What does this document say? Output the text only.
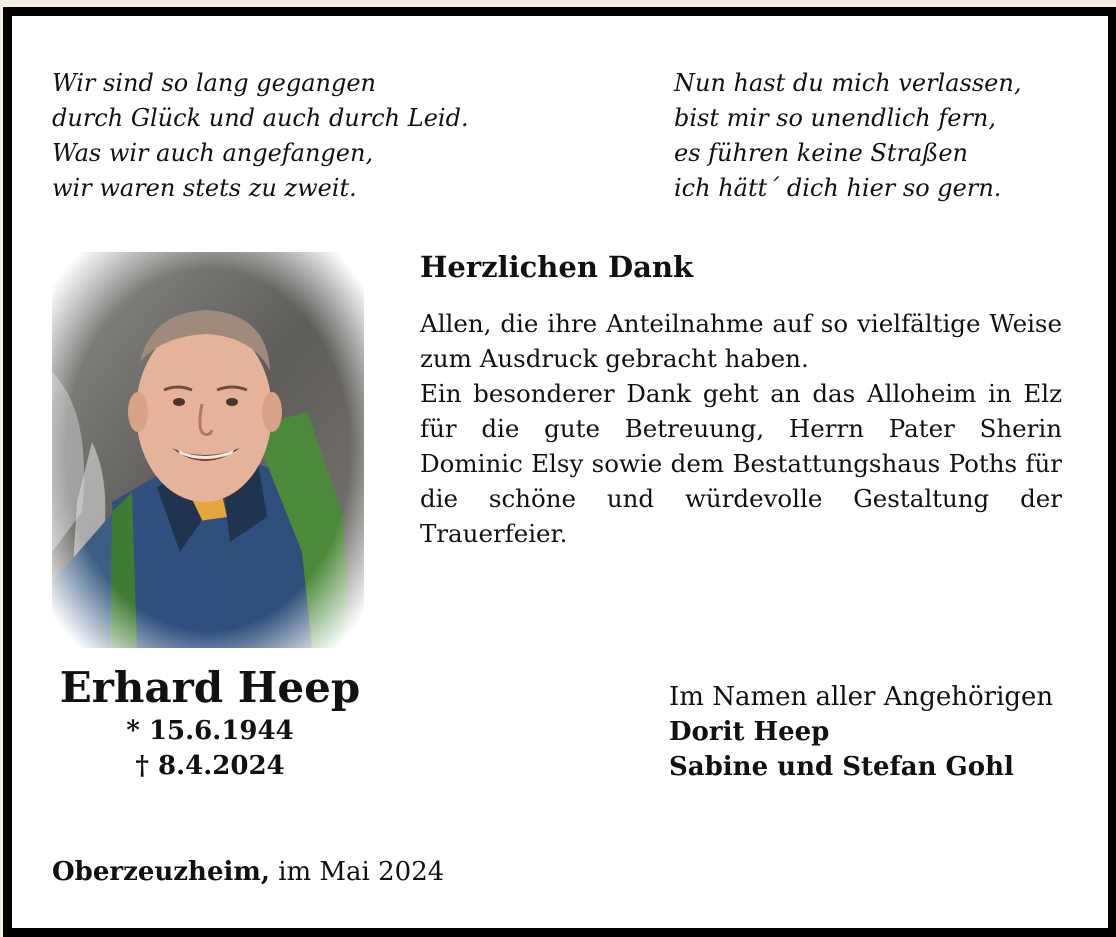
Wir sind so lang gegangen
durch Glück und auch durch Leid.
Was wir auch angefangen,
wir waren stets zu zweit.
Nun hast du mich verlassen,
bist mir so unendlich fern,
es führen keine Straßen
ich hätt´ dich hier so gern.
Erhard Heep
* 15.6.1944
† 8.4.2024
Herzlichen Dank

Allen, die ihre Anteilnahme auf so vielfältige Weise zum Ausdruck gebracht haben.

Ein besonderer Dank geht an das Alloheim in Elz für die gute Betreuung, Herrn Pater Sherin Dominic Elsy sowie dem Bestattungshaus Poths für die schöne und würdevolle Gestaltung der Trauerfeier.

Im Namen aller Angehörigen
Dorit Heep
Sabine und Stefan Gohl
Oberzeuzheim, im Mai 2024
